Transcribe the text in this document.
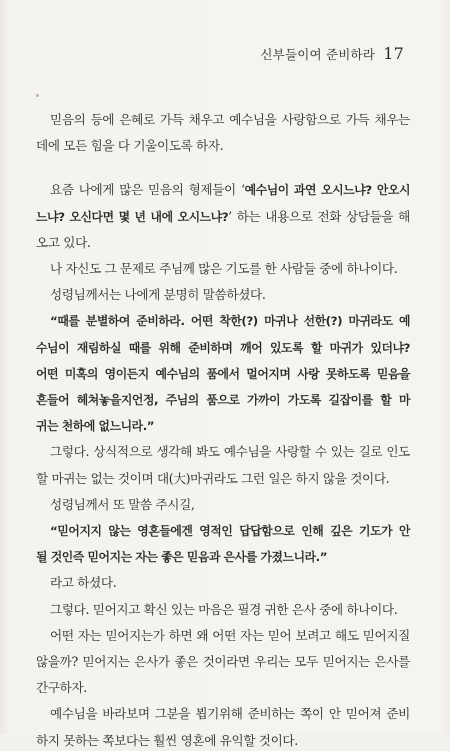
신부들이여 준비하라 17
믿음의 등에 은혜로 가득 채우고 예수님을 사랑함으로 가득 채우는
데에 모든 힘을 다 기울이도록 하자.
요즘 나에게 많은 믿음의 형제들이 ‘예수님이 과연 오시느냐? 안오시
느냐? 오신다면 몇 년 내에 오시느냐?’ 하는 내용으로 전화 상담들을 해
오고 있다.
나 자신도 그 문제로 주님께 많은 기도를 한 사람들 중에 하나이다.
성령님께서는 나에게 분명히 말씀하셨다.
“때를 분별하여 준비하라. 어떤 착한(?) 마귀나 선한(?) 마귀라도 예
수님이 재림하실 때를 위해 준비하며 깨어 있도록 할 마귀가 있더냐?
어떤 미혹의 영이든지 예수님의 품에서 멀어지며 사랑 못하도록 믿음을
흔들어 헤쳐놓을지언정, 주님의 품으로 가까이 가도록 길잡이를 할 마
귀는 천하에 없느니라.”
그렇다. 상식적으로 생각해 봐도 예수님을 사랑할 수 있는 길로 인도
할 마귀는 없는 것이며 대(大)마귀라도 그런 일은 하지 않을 것이다.
성령님께서 또 말씀 주시길,
“믿어지지 않는 영혼들에겐 영적인 답답함으로 인해 깊은 기도가 안
될 것인즉 믿어지는 자는 좋은 믿음과 은사를 가졌느니라.”
라고 하셨다.
그렇다. 믿어지고 확신 있는 마음은 필경 귀한 은사 중에 하나이다.
어떤 자는 믿어지는가 하면 왜 어떤 자는 믿어 보려고 해도 믿어지질
않을까? 믿어지는 은사가 좋은 것이라면 우리는 모두 믿어지는 은사를
간구하자.
예수님을 바라보며 그분을 뵙기위해 준비하는 쪽이 안 믿어져 준비
하지 못하는 쪽보다는 훨씬 영혼에 유익할 것이다.
